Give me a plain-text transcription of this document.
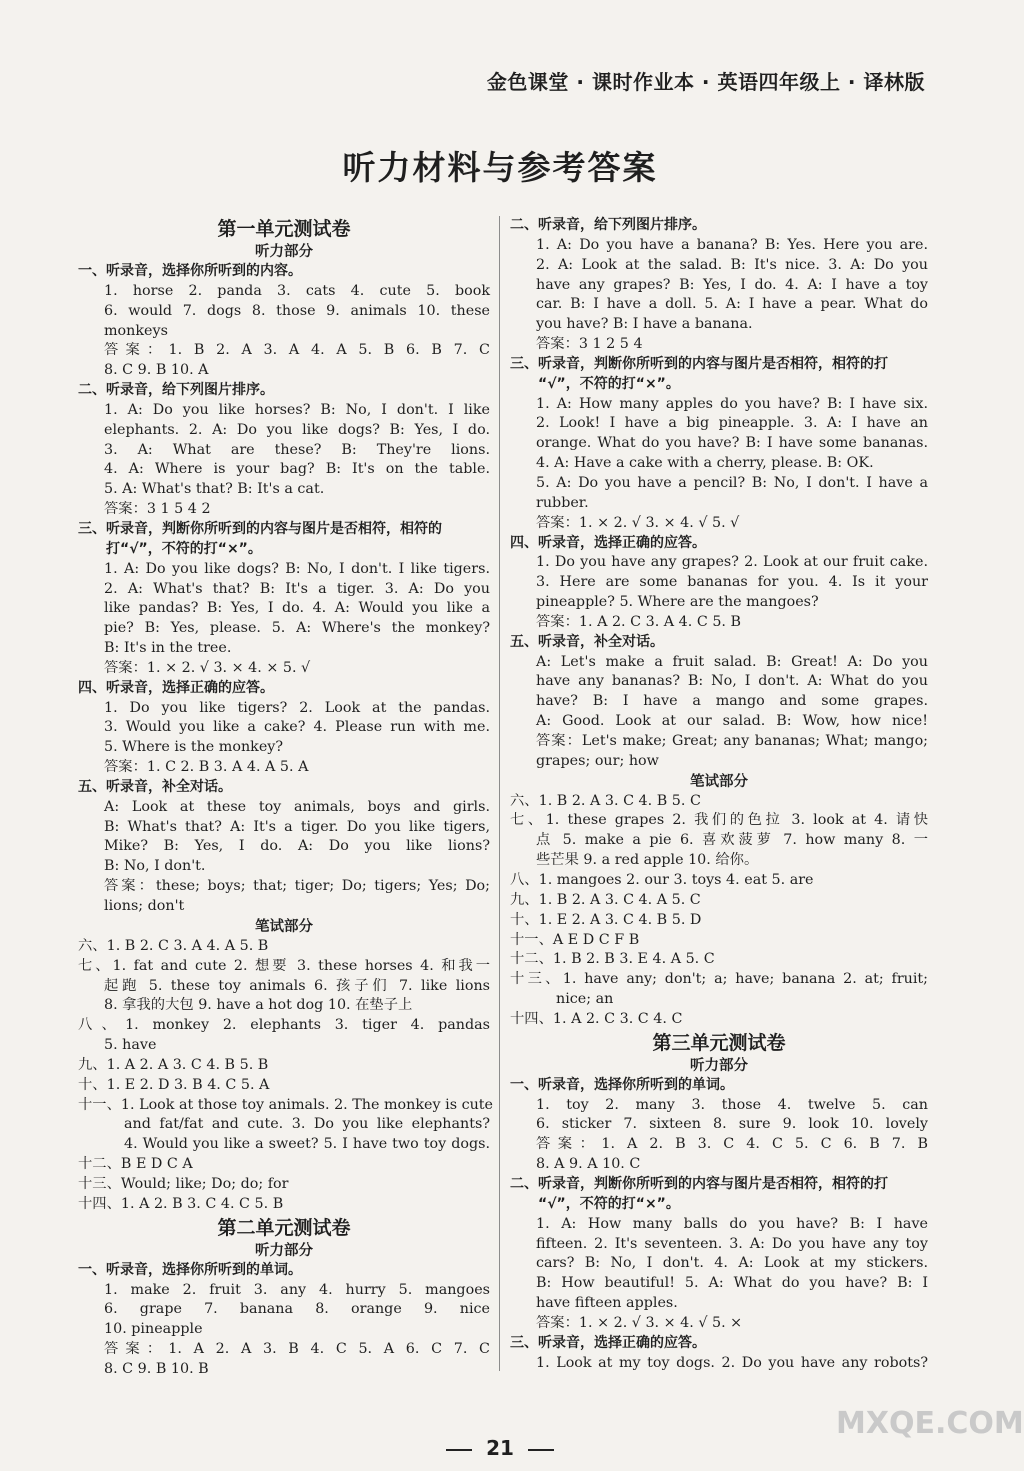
金色课堂 · 课时作业本 · 英语四年级上 · 译林版
听力材料与参考答案
第一单元测试卷
听力部分
一、听录音，选择你所听到的内容。
1. horse 2. panda 3. cats 4. cute 5. book
6. would 7. dogs 8. those 9. animals 10. these
monkeys
答案：1. B 2. A 3. A 4. A 5. B 6. B 7. C
8. C 9. B 10. A
二、听录音，给下列图片排序。
1. A: Do you like horses? B: No, I don't. I like
elephants. 2. A: Do you like dogs? B: Yes, I do.
3. A: What are these? B: They're lions.
4. A: Where is your bag? B: It's on the table.
5. A: What's that? B: It's a cat.
答案：3 1 5 4 2
三、听录音，判断你所听到的内容与图片是否相符，相符的
　　打“√”，不符的打“×”。
1. A: Do you like dogs? B: No, I don't. I like tigers.
2. A: What's that? B: It's a tiger. 3. A: Do you
like pandas? B: Yes, I do. 4. A: Would you like a
pie? B: Yes, please. 5. A: Where's the monkey?
B: It's in the tree.
答案：1. × 2. √ 3. × 4. × 5. √
四、听录音，选择正确的应答。
1. Do you like tigers? 2. Look at the pandas.
3. Would you like a cake? 4. Please run with me.
5. Where is the monkey?
答案：1. C 2. B 3. A 4. A 5. A
五、听录音，补全对话。
A: Look at these toy animals, boys and girls.
B: What's that? A: It's a tiger. Do you like tigers,
Mike? B: Yes, I do. A: Do you like lions?
B: No, I don't.
答案：these; boys; that; tiger; Do; tigers; Yes; Do;
lions; don't
笔试部分
六、1. B 2. C 3. A 4. A 5. B
七、1. fat and cute 2. 想要 3. these horses 4. 和我一
起跑 5. these toy animals 6. 孩子们 7. like lions
8. 拿我的大包 9. have a hot dog 10. 在垫子上
八、1. monkey 2. elephants 3. tiger 4. pandas
5. have
九、1. A 2. A 3. C 4. B 5. B
十、1. E 2. D 3. B 4. C 5. A
十一、1. Look at those toy animals. 2. The monkey is cute
and fat/fat and cute. 3. Do you like elephants?
4. Would you like a sweet? 5. I have two toy dogs.
十二、B E D C A
十三、Would; like; Do; do; for
十四、1. A 2. B 3. C 4. C 5. B
第二单元测试卷
听力部分
一、听录音，选择你所听到的单词。
1. make 2. fruit 3. any 4. hurry 5. mangoes
6. grape 7. banana 8. orange 9. nice
10. pineapple
答案：1. A 2. A 3. B 4. C 5. A 6. C 7. C
8. C 9. B 10. B
二、听录音，给下列图片排序。
1. A: Do you have a banana? B: Yes. Here you are.
2. A: Look at the salad. B: It's nice. 3. A: Do you
have any grapes? B: Yes, I do. 4. A: I have a toy
car. B: I have a doll. 5. A: I have a pear. What do
you have? B: I have a banana.
答案：3 1 2 5 4
三、听录音，判断你所听到的内容与图片是否相符，相符的打
　　“√”，不符的打“×”。
1. A: How many apples do you have? B: I have six.
2. Look! I have a big pineapple. 3. A: I have an
orange. What do you have? B: I have some bananas.
4. A: Have a cake with a cherry, please. B: OK.
5. A: Do you have a pencil? B: No, I don't. I have a
rubber.
答案：1. × 2. √ 3. × 4. √ 5. √
四、听录音，选择正确的应答。
1. Do you have any grapes? 2. Look at our fruit cake.
3. Here are some bananas for you. 4. Is it your
pineapple? 5. Where are the mangoes?
答案：1. A 2. C 3. A 4. C 5. B
五、听录音，补全对话。
A: Let's make a fruit salad. B: Great! A: Do you
have any bananas? B: No, I don't. A: What do you
have? B: I have a mango and some grapes.
A: Good. Look at our salad. B: Wow, how nice!
答案：Let's make; Great; any bananas; What; mango;
grapes; our; how
笔试部分
六、1. B 2. A 3. C 4. B 5. C
七、1. these grapes 2. 我们的色拉 3. look at 4. 请快
点 5. make a pie 6. 喜欢菠萝 7. how many 8. 一
些芒果 9. a red apple 10. 给你。
八、1. mangoes 2. our 3. toys 4. eat 5. are
九、1. B 2. A 3. C 4. A 5. C
十、1. E 2. A 3. C 4. B 5. D
十一、A E D C F B
十二、1. B 2. B 3. E 4. A 5. C
十三、1. have any; don't; a; have; banana 2. at; fruit;
nice; an
十四、1. A 2. C 3. C 4. C
第三单元测试卷
听力部分
一、听录音，选择你所听到的单词。
1. toy 2. many 3. those 4. twelve 5. can
6. sticker 7. sixteen 8. sure 9. look 10. lovely
答案：1. A 2. B 3. C 4. C 5. C 6. B 7. B
8. A 9. A 10. C
二、听录音，判断你所听到的内容与图片是否相符，相符的打
　　“√”，不符的打“×”。
1. A: How many balls do you have? B: I have
fifteen. 2. It's seventeen. 3. A: Do you have any toy
cars? B: No, I don't. 4. A: Look at my stickers.
B: How beautiful! 5. A: What do you have? B: I
have fifteen apples.
答案：1. × 2. √ 3. × 4. √ 5. ×
三、听录音，选择正确的应答。
1. Look at my toy dogs. 2. Do you have any robots?
21
MXQE.COM
